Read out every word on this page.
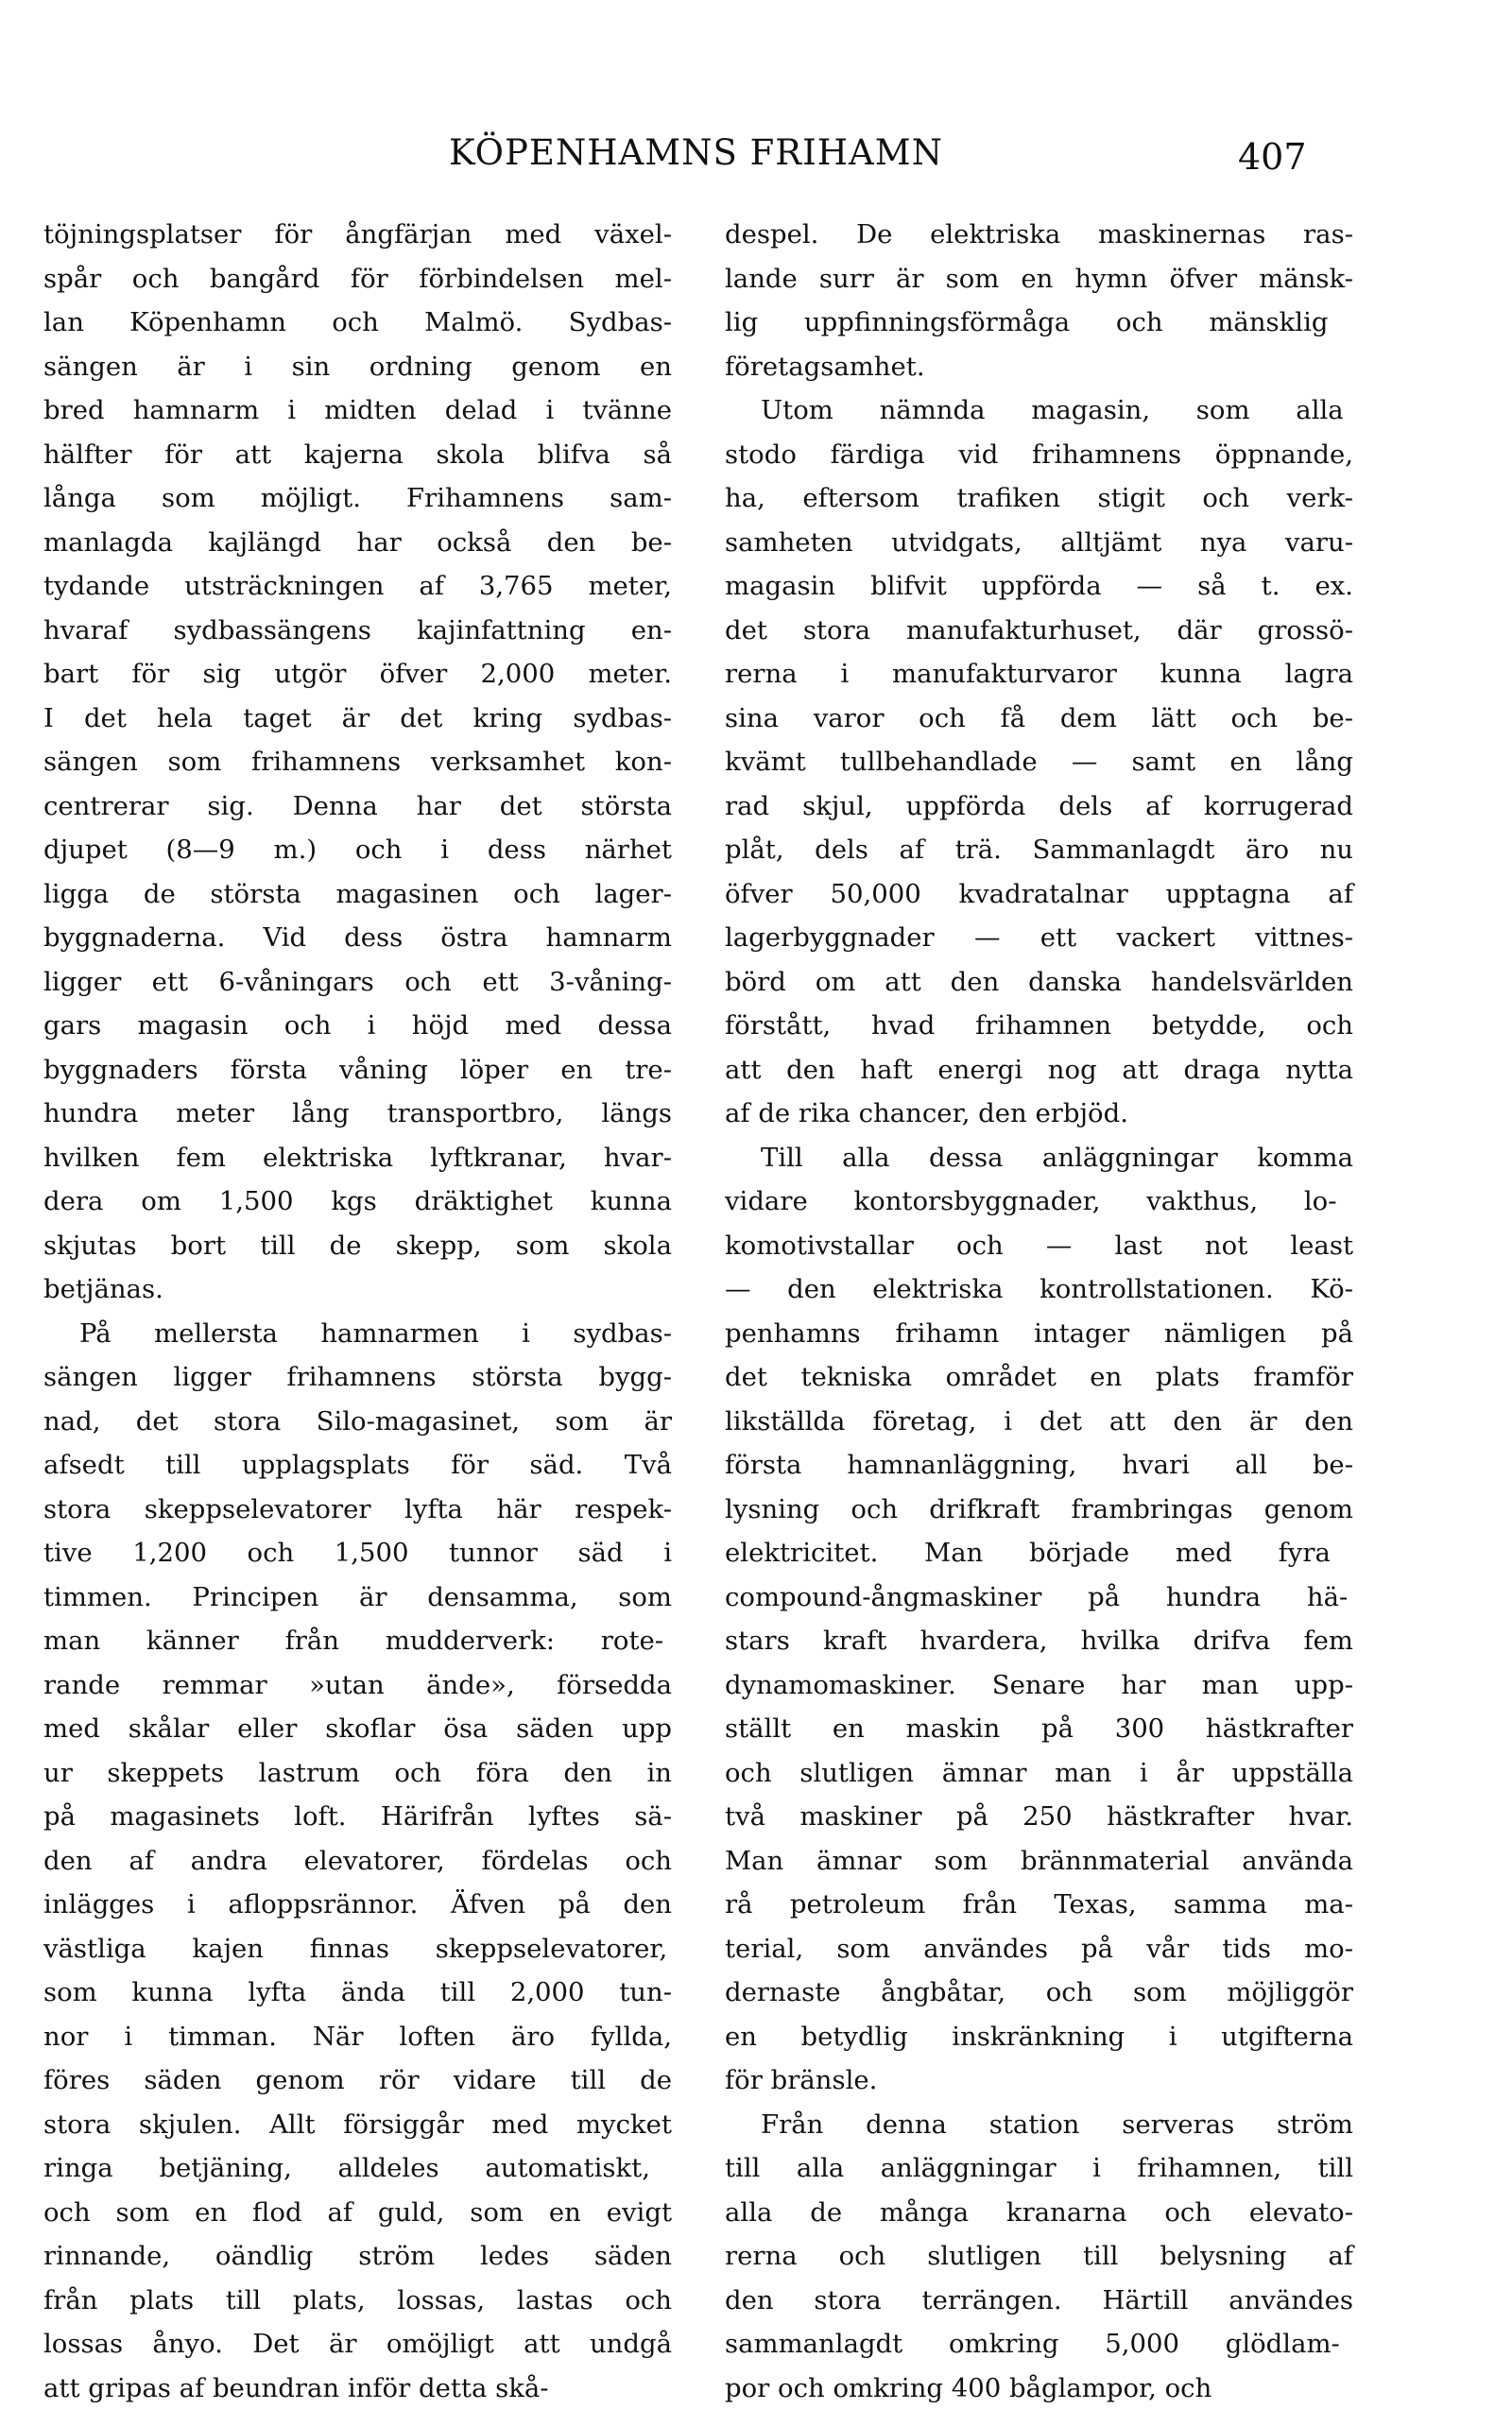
KÖPENHAMNS FRIHAMN	407
töjningsplatser för ångfärjan med växel-
spår och bangård för förbindelsen mel-
lan Köpenhamn och Malmö. Sydbas-
sängen är i sin ordning genom en
bred hamnarm i midten delad i tvänne
hälfter för att kajerna skola blifva så
långa som möjligt. Frihamnens sam-
manlagda kajlängd har också den be-
tydande utsträckningen af 3,765 meter,
hvaraf sydbassängens kajinfattning en-
bart för sig utgör öfver 2,000 meter.
I det hela taget är det kring sydbas-
sängen som frihamnens verksamhet kon-
centrerar sig. Denna har det största
djupet (8—9 m.) och i dess närhet
ligga de största magasinen och lager-
byggnaderna. Vid dess östra hamnarm
ligger ett 6-våningars och ett 3-våning-
gars magasin och i höjd med dessa
byggnaders första våning löper en tre-
hundra meter lång transportbro, längs
hvilken fem elektriska lyftkranar, hvar-
dera om 1,500 kgs dräktighet kunna
skjutas bort till de skepp, som skola
betjänas.
På mellersta hamnarmen i sydbas-
sängen ligger frihamnens största bygg-
nad, det stora Silo-magasinet, som är
afsedt till upplagsplats för säd. Två
stora skeppselevatorer lyfta här respek-
tive 1,200 och 1,500 tunnor säd i
timmen. Principen är densamma, som
man känner från mudderverk: rote-
rande remmar »utan ände», försedda
med skålar eller skoflar ösa säden upp
ur skeppets lastrum och föra den in
på magasinets loft. Härifrån lyftes sä-
den af andra elevatorer, fördelas och
inlägges i afloppsrännor. Äfven på den
västliga kajen finnas skeppselevatorer,
som kunna lyfta ända till 2,000 tun-
nor i timman. När loften äro fyllda,
föres säden genom rör vidare till de
stora skjulen. Allt försiggår med mycket
ringa betjäning, alldeles automatiskt,
och som en flod af guld, som en evigt
rinnande, oändlig ström ledes säden
från plats till plats, lossas, lastas och
lossas ånyo. Det är omöjligt att undgå
att gripas af beundran inför detta skå-
despel. De elektriska maskinernas ras-
lande surr är som en hymn öfver mänsk-
lig uppfinningsförmåga och mänsklig
företagsamhet.
Utom nämnda magasin, som alla
stodo färdiga vid frihamnens öppnande,
ha, eftersom trafiken stigit och verk-
samheten utvidgats, alltjämt nya varu-
magasin blifvit uppförda — så t. ex.
det stora manufakturhuset, där grossö-
rerna i manufakturvaror kunna lagra
sina varor och få dem lätt och be-
kvämt tullbehandlade — samt en lång
rad skjul, uppförda dels af korrugerad
plåt, dels af trä. Sammanlagdt äro nu
öfver 50,000 kvadratalnar upptagna af
lagerbyggnader — ett vackert vittnes-
börd om att den danska handelsvärlden
förstått, hvad frihamnen betydde, och
att den haft energi nog att draga nytta
af de rika chancer, den erbjöd.
Till alla dessa anläggningar komma
vidare kontorsbyggnader, vakthus, lo-
komotivstallar och — last not least
— den elektriska kontrollstationen. Kö-
penhamns frihamn intager nämligen på
det tekniska området en plats framför
likställda företag, i det att den är den
första hamnanläggning, hvari all be-
lysning och drifkraft frambringas genom
elektricitet. Man började med fyra
compound-ångmaskiner på hundra hä-
stars kraft hvardera, hvilka drifva fem
dynamomaskiner. Senare har man upp-
ställt en maskin på 300 hästkrafter
och slutligen ämnar man i år uppställa
två maskiner på 250 hästkrafter hvar.
Man ämnar som brännmaterial använda
rå petroleum från Texas, samma ma-
terial, som användes på vår tids mo-
dernaste ångbåtar, och som möjliggör
en betydlig inskränkning i utgifterna
för bränsle.
Från denna station serveras ström
till alla anläggningar i frihamnen, till
alla de många kranarna och elevato-
rerna och slutligen till belysning af
den stora terrängen. Härtill användes
sammanlagdt omkring 5,000 glödlam-
por och omkring 400 båglampor, och
